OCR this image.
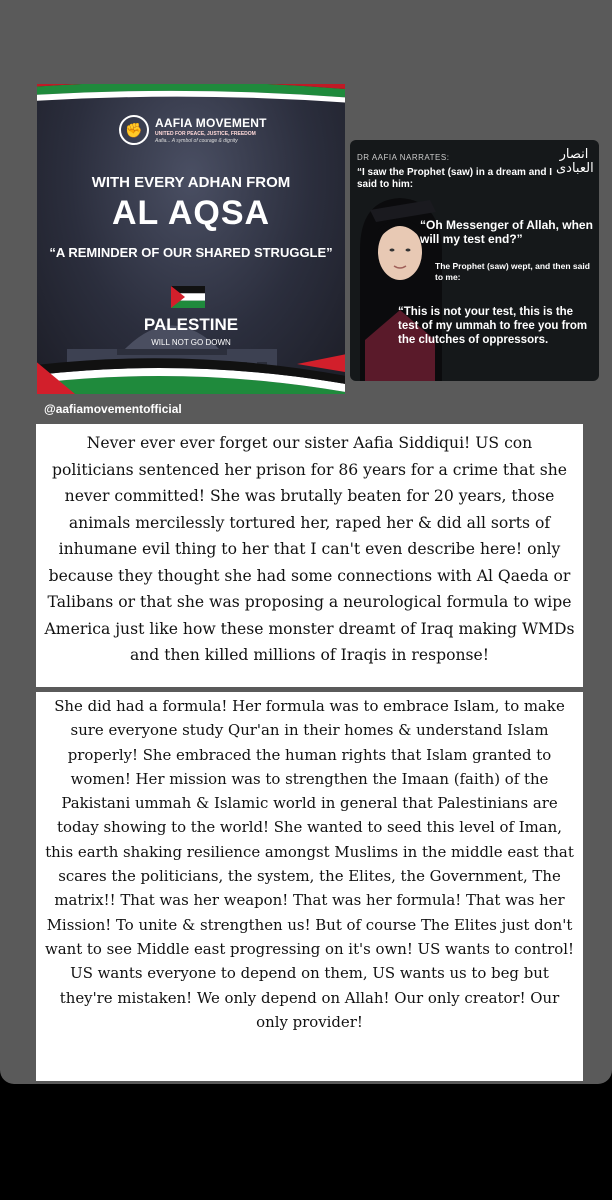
✊	AAFIA MOVEMENT
UNITED FOR PEACE, JUSTICE, FREEDOM
Aafia... A symbol of courage & dignity
WITH EVERY ADHAN FROM
AL AQSA
“A REMINDER OF OUR SHARED STRUGGLE”
PALESTINE
WILL NOT GO DOWN
@aafiamovementofficial
DR AAFIA NARRATES:	انصار العبادی
“I saw the Prophet (saw) in a dream and I said to him:
“Oh Messenger of Allah, when will my test end?”
The Prophet (saw) wept, and then said to me:
“This is not your test, this is the test of my ummah to free you from the clutches of oppressors.
Never ever ever forget our sister Aafia Siddiqui! US con politicians sentenced her prison for 86 years for a crime that she never committed! She was brutally beaten for 20 years, those animals mercilessly tortured her, raped her & did all sorts of inhumane evil thing to her that I can't even describe here! only because they thought she had some connections with Al Qaeda or Talibans or that she was proposing a neurological formula to wipe America just like how these monster dreamt of Iraq making WMDs and then killed millions of Iraqis in response!
She did had a formula! Her formula was to embrace Islam, to make sure everyone study Qur'an in their homes & understand Islam properly! She embraced the human rights that Islam granted to women! Her mission was to strengthen the Imaan (faith) of the Pakistani ummah & Islamic world in general that Palestinians are today showing to the world! She wanted to seed this level of Iman, this earth shaking resilience amongst Muslims in the middle east that scares the politicians, the system, the Elites, the Government, The matrix!! That was her weapon! That was her formula! That was her Mission! To unite & strengthen us! But of course The Elites just don't want to see Middle east progressing on it's own! US wants to control! US wants everyone to depend on them, US wants us to beg but they're mistaken! We only depend on Allah! Our only creator! Our only provider!
